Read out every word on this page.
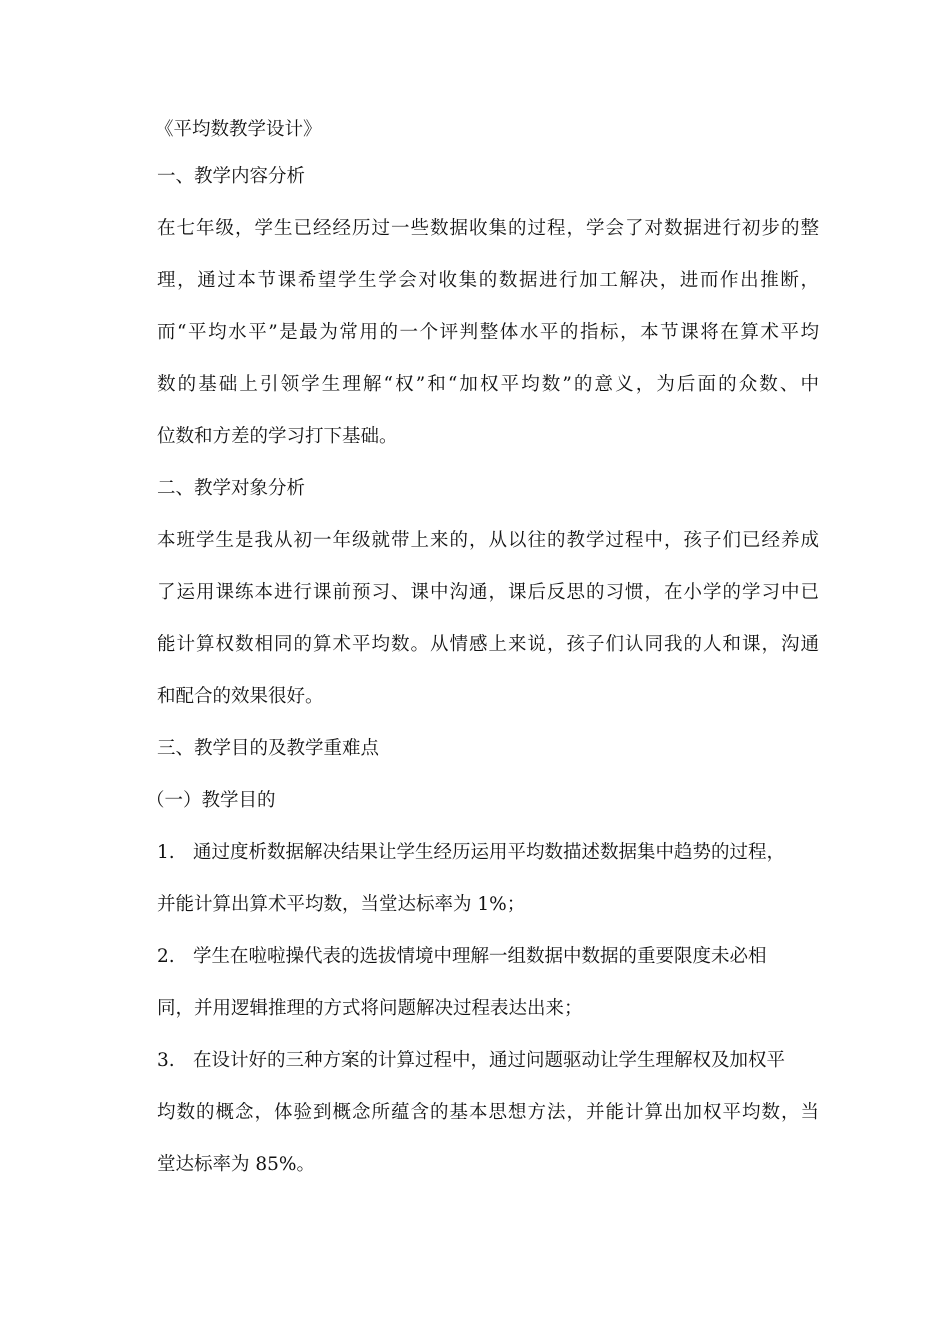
《平均数教学设计》
一、教学内容分析
在七年级，学生已经经历过一些数据收集的过程，学会了对数据进行初步的整
理，通过本节课希望学生学会对收集的数据进行加工解决，进而作出推断，
而“平均水平”是最为常用的一个评判整体水平的指标，本节课将在算术平均
数的基础上引领学生理解“权”和“加权平均数”的意义，为后面的众数、中
位数和方差的学习打下基础。
二、教学对象分析
本班学生是我从初一年级就带上来的，从以往的教学过程中，孩子们已经养成
了运用课练本进行课前预习、课中沟通，课后反思的习惯，在小学的学习中已
能计算权数相同的算术平均数。从情感上来说，孩子们认同我的人和课，沟通
和配合的效果很好。
三、教学目的及教学重难点
（一）教学目的
1. 通过度析数据解决结果让学生经历运用平均数描述数据集中趋势的过程，
并能计算出算术平均数，当堂达标率为 1%；
2. 学生在啦啦操代表的选拔情境中理解一组数据中数据的重要限度未必相
同，并用逻辑推理的方式将问题解决过程表达出来；
3. 在设计好的三种方案的计算过程中，通过问题驱动让学生理解权及加权平
均数的概念，体验到概念所蕴含的基本思想方法，并能计算出加权平均数，当
堂达标率为 85%。
